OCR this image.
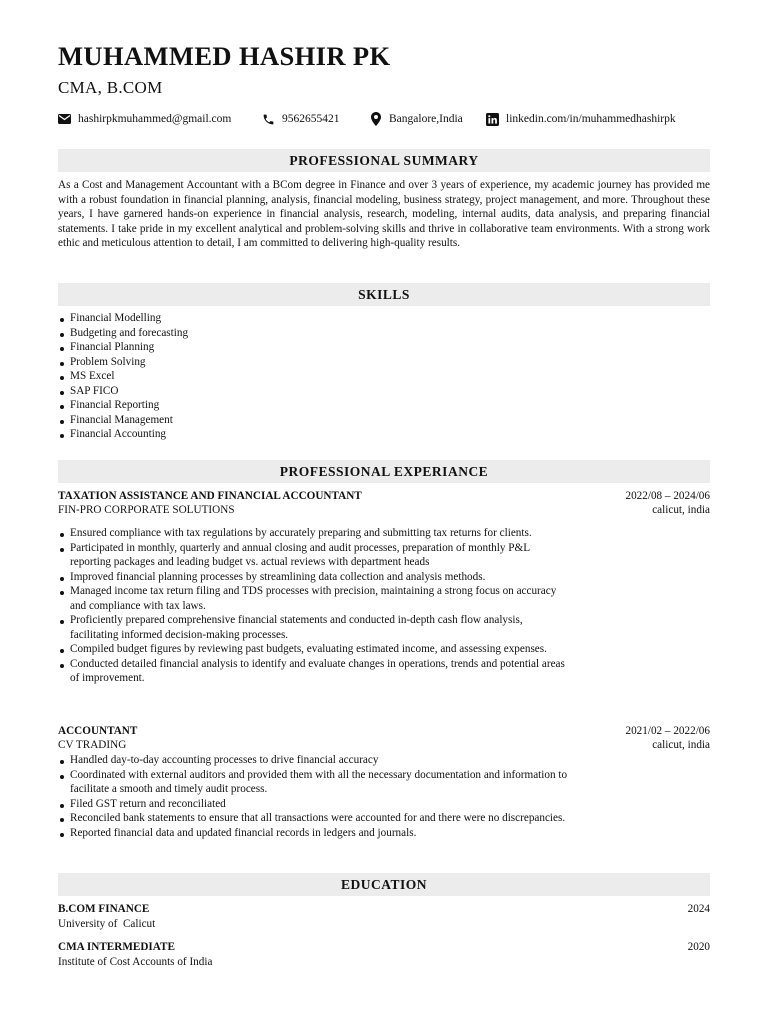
MUHAMMED HASHIR PK
CMA, B.COM
hashirpkmuhammed@gmail.com	9562655421	Bangalore,India	linkedin.com/in/muhammedhashirpk
PROFESSIONAL SUMMARY
As a Cost and Management Accountant with a BCom degree in Finance and over 3 years of experience, my academic journey has provided me with a robust foundation in financial planning, analysis, financial modeling, business strategy, project management, and more. Throughout these years, I have garnered hands-on experience in financial analysis, research, modeling, internal audits, data analysis, and preparing financial statements. I take pride in my excellent analytical and problem-solving skills and thrive in collaborative team environments. With a strong work ethic and meticulous attention to detail, I am committed to delivering high-quality results.
SKILLS
Financial Modelling
Budgeting and forecasting
Financial Planning
Problem Solving
MS Excel
SAP FICO
Financial Reporting
Financial Management
Financial Accounting
PROFESSIONAL EXPERIANCE
TAXATION ASSISTANCE AND FINANCIAL ACCOUNTANT	2022/08 – 2024/06
FIN-PRO CORPORATE SOLUTIONS	calicut, india
Ensured compliance with tax regulations by accurately preparing and submitting tax returns for clients.
Participated in monthly, quarterly and annual closing and audit processes, preparation of monthly P&L reporting packages and leading budget vs. actual reviews with department heads
Improved financial planning processes by streamlining data collection and analysis methods.
Managed income tax return filing and TDS processes with precision, maintaining a strong focus on accuracy and compliance with tax laws.
Proficiently prepared comprehensive financial statements and conducted in-depth cash flow analysis, facilitating informed decision-making processes.
Compiled budget figures by reviewing past budgets, evaluating estimated income, and assessing expenses.
Conducted detailed financial analysis to identify and evaluate changes in operations, trends and potential areas of improvement.
ACCOUNTANT	2021/02 – 2022/06
CV TRADING	calicut, india
Handled day-to-day accounting processes to drive financial accuracy
Coordinated with external auditors and provided them with all the necessary documentation and information to facilitate a smooth and timely audit process.
Filed GST return and reconciliated
Reconciled bank statements to ensure that all transactions were accounted for and there were no discrepancies.
Reported financial data and updated financial records in ledgers and journals.
EDUCATION
B.COM FINANCE	2024
University of  Calicut
CMA INTERMEDIATE	2020
Institute of Cost Accounts of India
